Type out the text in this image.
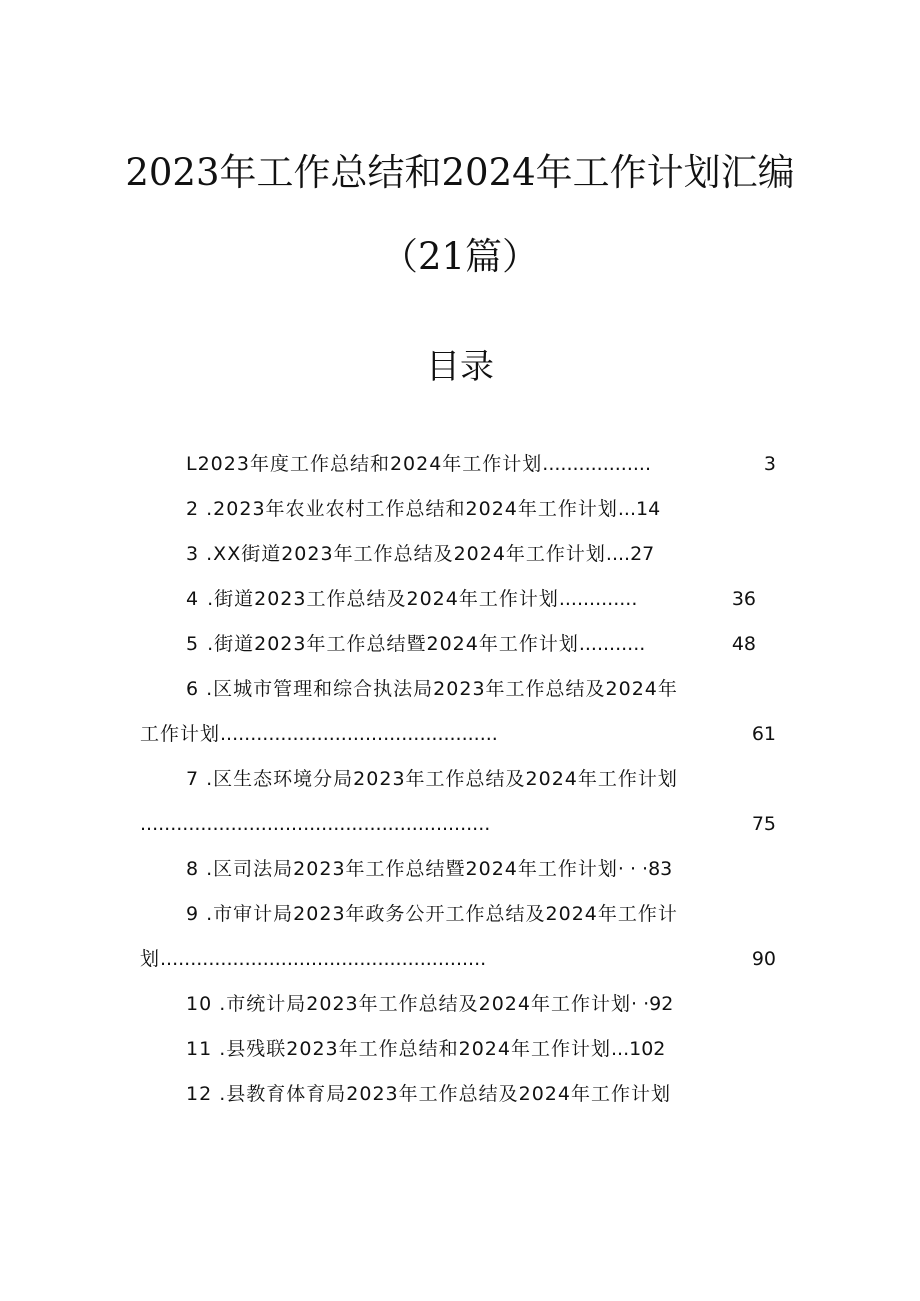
2023年工作总结和2024年工作计划汇编
（21篇）
目录
L2023年度工作总结和2024年工作计划 ..................	3
2 .2023年农业农村工作总结和2024年工作计划...14
3 .XX街道2023年工作总结及2024年工作计划....27
4 .街道2023工作总结及2024年工作计划 .............	36
5 .街道2023年工作总结暨2024年工作计划 ...........	48
6 .区城市管理和综合执法局2023年工作总结及2024年
工作计划 ..............................................	61
7 .区生态环境分局2023年工作总结及2024年工作计划
..........................................................	75
8 .区司法局2023年工作总结暨2024年工作计划· · ·83
9 .市审计局2023年政务公开工作总结及2024年工作计
划 ......................................................	90
10 .市统计局2023年工作总结及2024年工作计划· ·92
11 .县残联2023年工作总结和2024年工作计划...102
12 .县教育体育局2023年工作总结及2024年工作计划
